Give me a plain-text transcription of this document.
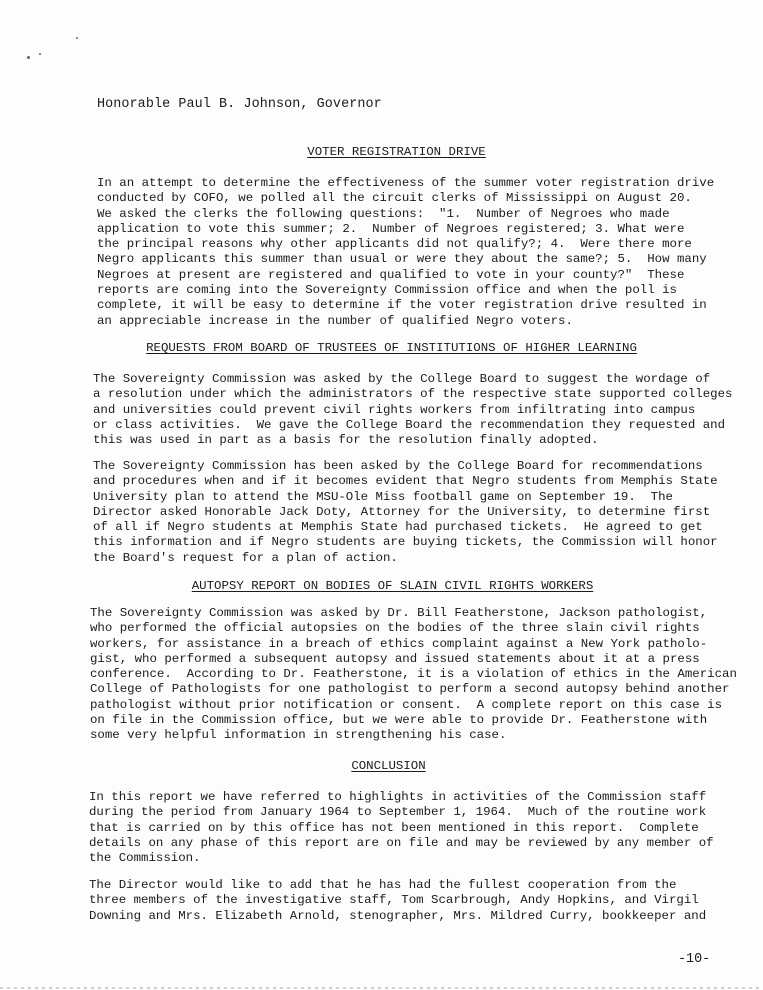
Honorable Paul B. Johnson, Governor
VOTER REGISTRATION DRIVE
In an attempt to determine the effectiveness of the summer voter registration drive
conducted by COFO, we polled all the circuit clerks of Mississippi on August 20.
We asked the clerks the following questions:  "1.  Number of Negroes who made
application to vote this summer; 2.  Number of Negroes registered; 3. What were
the principal reasons why other applicants did not qualify?; 4.  Were there more
Negro applicants this summer than usual or were they about the same?; 5.  How many
Negroes at present are registered and qualified to vote in your county?"  These
reports are coming into the Sovereignty Commission office and when the poll is
complete, it will be easy to determine if the voter registration drive resulted in
an appreciable increase in the number of qualified Negro voters.
REQUESTS FROM BOARD OF TRUSTEES OF INSTITUTIONS OF HIGHER LEARNING
The Sovereignty Commission was asked by the College Board to suggest the wordage of
a resolution under which the administrators of the respective state supported colleges
and universities could prevent civil rights workers from infiltrating into campus
or class activities.  We gave the College Board the recommendation they requested and
this was used in part as a basis for the resolution finally adopted.
The Sovereignty Commission has been asked by the College Board for recommendations
and procedures when and if it becomes evident that Negro students from Memphis State
University plan to attend the MSU-Ole Miss football game on September 19.  The
Director asked Honorable Jack Doty, Attorney for the University, to determine first
of all if Negro students at Memphis State had purchased tickets.  He agreed to get
this information and if Negro students are buying tickets, the Commission will honor
the Board's request for a plan of action.
AUTOPSY REPORT ON BODIES OF SLAIN CIVIL RIGHTS WORKERS
The Sovereignty Commission was asked by Dr. Bill Featherstone, Jackson pathologist,
who performed the official autopsies on the bodies of the three slain civil rights
workers, for assistance in a breach of ethics complaint against a New York patholo-
gist, who performed a subsequent autopsy and issued statements about it at a press
conference.  According to Dr. Featherstone, it is a violation of ethics in the American
College of Pathologists for one pathologist to perform a second autopsy behind another
pathologist without prior notification or consent.  A complete report on this case is
on file in the Commission office, but we were able to provide Dr. Featherstone with
some very helpful information in strengthening his case.
CONCLUSION
In this report we have referred to highlights in activities of the Commission staff
during the period from January 1964 to September 1, 1964.  Much of the routine work
that is carried on by this office has not been mentioned in this report.  Complete
details on any phase of this report are on file and may be reviewed by any member of
the Commission.
The Director would like to add that he has had the fullest cooperation from the
three members of the investigative staff, Tom Scarbrough, Andy Hopkins, and Virgil
Downing and Mrs. Elizabeth Arnold, stenographer, Mrs. Mildred Curry, bookkeeper and
-10-
